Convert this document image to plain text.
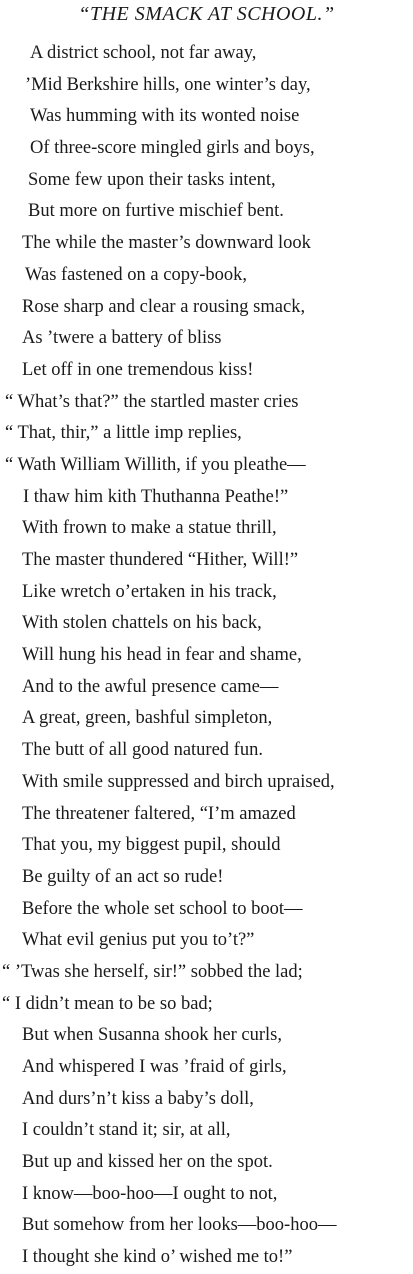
“THE SMACK AT SCHOOL.”
A district school, not far away,
’Mid Berkshire hills, one winter’s day,
Was humming with its wonted noise
Of three-score mingled girls and boys,
Some few upon their tasks intent,
But more on furtive mischief bent.
The while the master’s downward look
Was fastened on a copy-book,
Rose sharp and clear a rousing smack,
As ’twere a battery of bliss
Let off in one tremendous kiss!
“ What’s that?” the startled master cries
“ That, thir,” a little imp replies,
“ Wath William Willith, if you pleathe—
I thaw him kith Thuthanna Peathe!”
With frown to make a statue thrill,
The master thundered “Hither, Will!”
Like wretch o’ertaken in his track,
With stolen chattels on his back,
Will hung his head in fear and shame,
And to the awful presence came—
A great, green, bashful simpleton,
The butt of all good natured fun.
With smile suppressed and birch upraised,
The threatener faltered, “I’m amazed
That you, my biggest pupil, should
Be guilty of an act so rude!
Before the whole set school to boot—
What evil genius put you to’t?”
“ ’Twas she herself, sir!” sobbed the lad;
“ I didn’t mean to be so bad;
But when Susanna shook her curls,
And whispered I was ’fraid of girls,
And durs’n’t kiss a baby’s doll,
I couldn’t stand it; sir, at all,
But up and kissed her on the spot.
I know—boo-hoo—I ought to not,
But somehow from her looks—boo-hoo—
I thought she kind o’ wished me to!”
